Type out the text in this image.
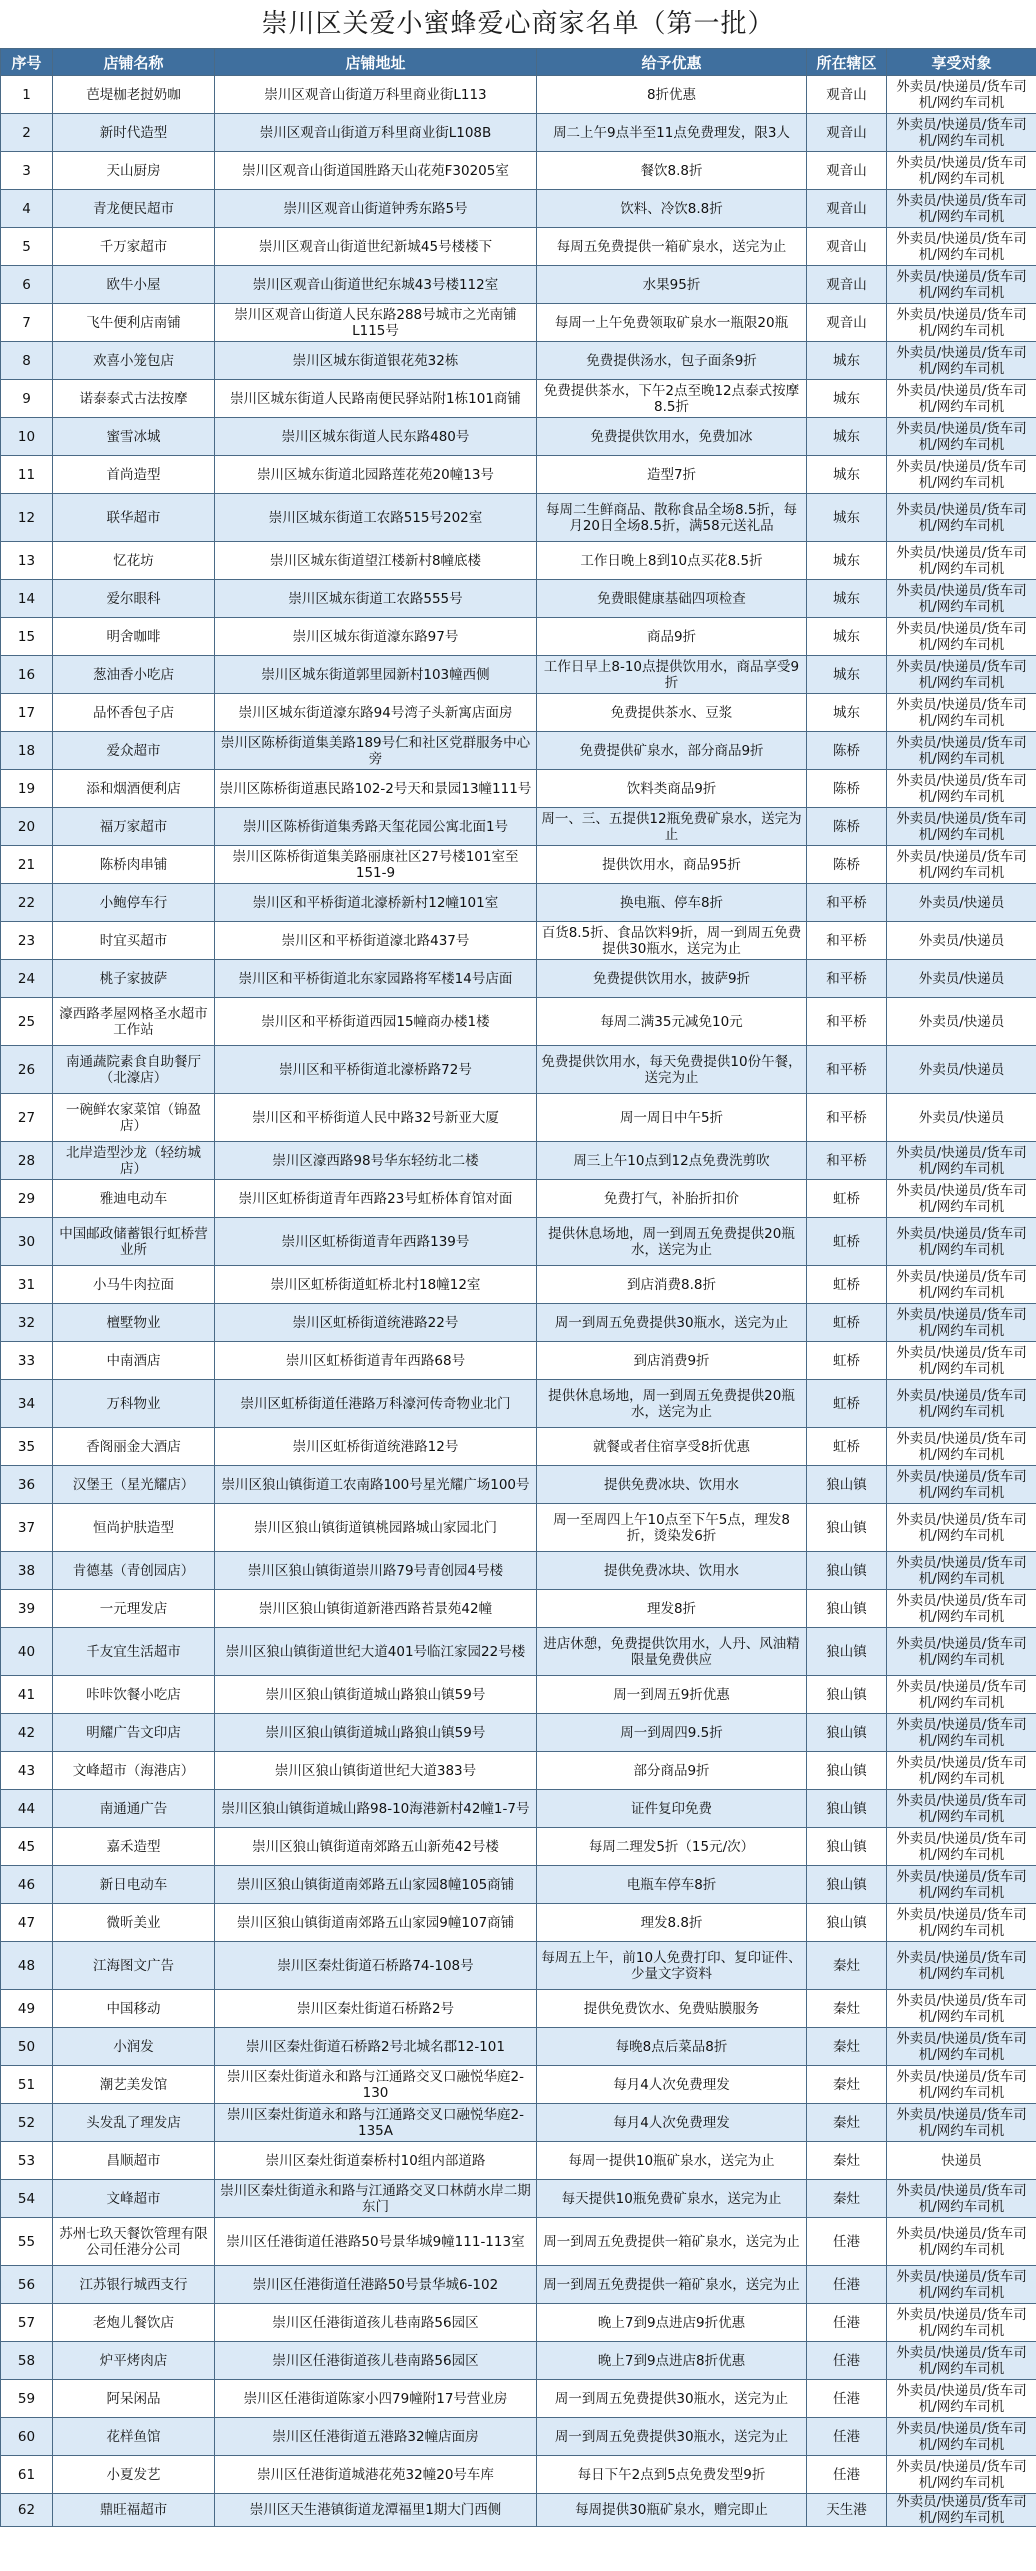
崇川区关爱小蜜蜂爱心商家名单（第一批）
序号	店铺名称	店铺地址	给予优惠	所在辖区	享受对象
1	芭堤枷老挝奶咖	崇川区观音山街道万科里商业街L113	8折优惠	观音山	外卖员/快递员/货车司机/网约车司机
2	新时代造型	崇川区观音山街道万科里商业街L108B	周二上午9点半至11点免费理发，限3人	观音山	外卖员/快递员/货车司机/网约车司机
3	天山厨房	崇川区观音山街道国胜路天山花苑F30205室	餐饮8.8折	观音山	外卖员/快递员/货车司机/网约车司机
4	青龙便民超市	崇川区观音山街道钟秀东路5号	饮料、冷饮8.8折	观音山	外卖员/快递员/货车司机/网约车司机
5	千万家超市	崇川区观音山街道世纪新城45号楼楼下	每周五免费提供一箱矿泉水，送完为止	观音山	外卖员/快递员/货车司机/网约车司机
6	欧牛小屋	崇川区观音山街道世纪东城43号楼112室	水果95折	观音山	外卖员/快递员/货车司机/网约车司机
7	飞牛便利店南铺	崇川区观音山街道人民东路288号城市之光南铺L115号	每周一上午免费领取矿泉水一瓶限20瓶	观音山	外卖员/快递员/货车司机/网约车司机
8	欢喜小笼包店	崇川区城东街道银花苑32栋	免费提供汤水，包子面条9折	城东	外卖员/快递员/货车司机/网约车司机
9	诺泰泰式古法按摩	崇川区城东街道人民路南便民驿站附1栋101商铺	免费提供茶水，下午2点至晚12点泰式按摩8.5折	城东	外卖员/快递员/货车司机/网约车司机
10	蜜雪冰城	崇川区城东街道人民东路480号	免费提供饮用水，免费加冰	城东	外卖员/快递员/货车司机/网约车司机
11	首尚造型	崇川区城东街道北园路莲花苑20幢13号	造型7折	城东	外卖员/快递员/货车司机/网约车司机
12	联华超市	崇川区城东街道工农路515号202室	每周二生鲜商品、散称食品全场8.5折，每月20日全场8.5折，满58元送礼品	城东	外卖员/快递员/货车司机/网约车司机
13	忆花坊	崇川区城东街道望江楼新村8幢底楼	工作日晚上8到10点买花8.5折	城东	外卖员/快递员/货车司机/网约车司机
14	爱尔眼科	崇川区城东街道工农路555号	免费眼健康基础四项检查	城东	外卖员/快递员/货车司机/网约车司机
15	明舍咖啡	崇川区城东街道濠东路97号	商品9折	城东	外卖员/快递员/货车司机/网约车司机
16	葱油香小吃店	崇川区城东街道郭里园新村103幢西侧	工作日早上8-10点提供饮用水，商品享受9折	城东	外卖员/快递员/货车司机/网约车司机
17	品怀香包子店	崇川区城东街道濠东路94号湾子头新寓店面房	免费提供茶水、豆浆	城东	外卖员/快递员/货车司机/网约车司机
18	爱众超市	崇川区陈桥街道集美路189号仁和社区党群服务中心旁	免费提供矿泉水，部分商品9折	陈桥	外卖员/快递员/货车司机/网约车司机
19	添和烟酒便利店	崇川区陈桥街道惠民路102-2号天和景园13幢111号	饮料类商品9折	陈桥	外卖员/快递员/货车司机/网约车司机
20	福万家超市	崇川区陈桥街道集秀路天玺花园公寓北面1号	周一、三、五提供12瓶免费矿泉水，送完为止	陈桥	外卖员/快递员/货车司机/网约车司机
21	陈桥肉串铺	崇川区陈桥街道集美路丽康社区27号楼101室至151-9	提供饮用水，商品95折	陈桥	外卖员/快递员/货车司机/网约车司机
22	小鲍停车行	崇川区和平桥街道北濠桥新村12幢101室	换电瓶、停车8折	和平桥	外卖员/快递员
23	时宜买超市	崇川区和平桥街道濠北路437号	百货8.5折、食品饮料9折，周一到周五免费提供30瓶水，送完为止	和平桥	外卖员/快递员
24	桃子家披萨	崇川区和平桥街道北东家园路将军楼14号店面	免费提供饮用水，披萨9折	和平桥	外卖员/快递员
25	濠西路孝屋网格圣水超市工作站	崇川区和平桥街道西园15幢商办楼1楼	每周二满35元减免10元	和平桥	外卖员/快递员
26	南通蔬院素食自助餐厅（北濠店）	崇川区和平桥街道北濠桥路72号	免费提供饮用水，每天免费提供10份午餐，送完为止	和平桥	外卖员/快递员
27	一碗鲜农家菜馆（锦盈店）	崇川区和平桥街道人民中路32号新亚大厦	周一周日中午5折	和平桥	外卖员/快递员
28	北岸造型沙龙（轻纺城店）	崇川区濠西路98号华东轻纺北二楼	周三上午10点到12点免费洗剪吹	和平桥	外卖员/快递员/货车司机/网约车司机
29	雅迪电动车	崇川区虹桥街道青年西路23号虹桥体育馆对面	免费打气，补胎折扣价	虹桥	外卖员/快递员/货车司机/网约车司机
30	中国邮政储蓄银行虹桥营业所	崇川区虹桥街道青年西路139号	提供休息场地，周一到周五免费提供20瓶水，送完为止	虹桥	外卖员/快递员/货车司机/网约车司机
31	小马牛肉拉面	崇川区虹桥街道虹桥北村18幢12室	到店消费8.8折	虹桥	外卖员/快递员/货车司机/网约车司机
32	檀墅物业	崇川区虹桥街道统港路22号	周一到周五免费提供30瓶水，送完为止	虹桥	外卖员/快递员/货车司机/网约车司机
33	中南酒店	崇川区虹桥街道青年西路68号	到店消费9折	虹桥	外卖员/快递员/货车司机/网约车司机
34	万科物业	崇川区虹桥街道任港路万科濠河传奇物业北门	提供休息场地，周一到周五免费提供20瓶水，送完为止	虹桥	外卖员/快递员/货车司机/网约车司机
35	香阁丽金大酒店	崇川区虹桥街道统港路12号	就餐或者住宿享受8折优惠	虹桥	外卖员/快递员/货车司机/网约车司机
36	汉堡王（星光耀店）	崇川区狼山镇街道工农南路100号星光耀广场100号	提供免费冰块、饮用水	狼山镇	外卖员/快递员/货车司机/网约车司机
37	恒尚护肤造型	崇川区狼山镇街道镇桃园路城山家园北门	周一至周四上午10点至下午5点，理发8折，烫染发6折	狼山镇	外卖员/快递员/货车司机/网约车司机
38	肯德基（青创园店）	崇川区狼山镇街道崇川路79号青创园4号楼	提供免费冰块、饮用水	狼山镇	外卖员/快递员/货车司机/网约车司机
39	一元理发店	崇川区狼山镇街道新港西路苔景苑42幢	理发8折	狼山镇	外卖员/快递员/货车司机/网约车司机
40	千友宜生活超市	崇川区狼山镇街道世纪大道401号临江家园22号楼	进店休憩，免费提供饮用水，人丹、风油精限量免费供应	狼山镇	外卖员/快递员/货车司机/网约车司机
41	咔咔饮餐小吃店	崇川区狼山镇街道城山路狼山镇59号	周一到周五9折优惠	狼山镇	外卖员/快递员/货车司机/网约车司机
42	明耀广告文印店	崇川区狼山镇街道城山路狼山镇59号	周一到周四9.5折	狼山镇	外卖员/快递员/货车司机/网约车司机
43	文峰超市（海港店）	崇川区狼山镇街道世纪大道383号	部分商品9折	狼山镇	外卖员/快递员/货车司机/网约车司机
44	南通通广告	崇川区狼山镇街道城山路98-10海港新村42幢1-7号	证件复印免费	狼山镇	外卖员/快递员/货车司机/网约车司机
45	嘉禾造型	崇川区狼山镇街道南郊路五山新苑42号楼	每周二理发5折（15元/次）	狼山镇	外卖员/快递员/货车司机/网约车司机
46	新日电动车	崇川区狼山镇街道南郊路五山家园8幢105商铺	电瓶车停车8折	狼山镇	外卖员/快递员/货车司机/网约车司机
47	微昕美业	崇川区狼山镇街道南郊路五山家园9幢107商铺	理发8.8折	狼山镇	外卖员/快递员/货车司机/网约车司机
48	江海图文广告	崇川区秦灶街道石桥路74-108号	每周五上午，前10人免费打印、复印证件、少量文字资料	秦灶	外卖员/快递员/货车司机/网约车司机
49	中国移动	崇川区秦灶街道石桥路2号	提供免费饮水、免费贴膜服务	秦灶	外卖员/快递员/货车司机/网约车司机
50	小润发	崇川区秦灶街道石桥路2号北城名郡12-101	每晚8点后菜品8折	秦灶	外卖员/快递员/货车司机/网约车司机
51	潮艺美发馆	崇川区秦灶街道永和路与江通路交叉口融悦华庭2-130	每月4人次免费理发	秦灶	外卖员/快递员/货车司机/网约车司机
52	头发乱了理发店	崇川区秦灶街道永和路与江通路交叉口融悦华庭2-135A	每月4人次免费理发	秦灶	外卖员/快递员/货车司机/网约车司机
53	昌顺超市	崇川区秦灶街道秦桥村10组内部道路	每周一提供10瓶矿泉水，送完为止	秦灶	快递员
54	文峰超市	崇川区秦灶街道永和路与江通路交叉口林荫水岸二期东门	每天提供10瓶免费矿泉水，送完为止	秦灶	外卖员/快递员/货车司机/网约车司机
55	苏州七玖天餐饮管理有限公司任港分公司	崇川区任港街道任港路50号景华城9幢111-113室	周一到周五免费提供一箱矿泉水，送完为止	任港	外卖员/快递员/货车司机/网约车司机
56	江苏银行城西支行	崇川区任港街道任港路50号景华城6-102	周一到周五免费提供一箱矿泉水，送完为止	任港	外卖员/快递员/货车司机/网约车司机
57	老炮儿餐饮店	崇川区任港街道孩儿巷南路56园区	晚上7到9点进店9折优惠	任港	外卖员/快递员/货车司机/网约车司机
58	炉平烤肉店	崇川区任港街道孩儿巷南路56园区	晚上7到9点进店8折优惠	任港	外卖员/快递员/货车司机/网约车司机
59	阿呆闲品	崇川区任港街道陈家小四79幢附17号营业房	周一到周五免费提供30瓶水，送完为止	任港	外卖员/快递员/货车司机/网约车司机
60	花样鱼馆	崇川区任港街道五港路32幢店面房	周一到周五免费提供30瓶水，送完为止	任港	外卖员/快递员/货车司机/网约车司机
61	小夏发艺	崇川区任港街道城港花苑32幢20号车库	每日下午2点到5点免费发型9折	任港	外卖员/快递员/货车司机/网约车司机
62	鼎旺福超市	崇川区天生港镇街道龙潭福里1期大门西侧	每周提供30瓶矿泉水，赠完即止	天生港	外卖员/快递员/货车司机/网约车司机
